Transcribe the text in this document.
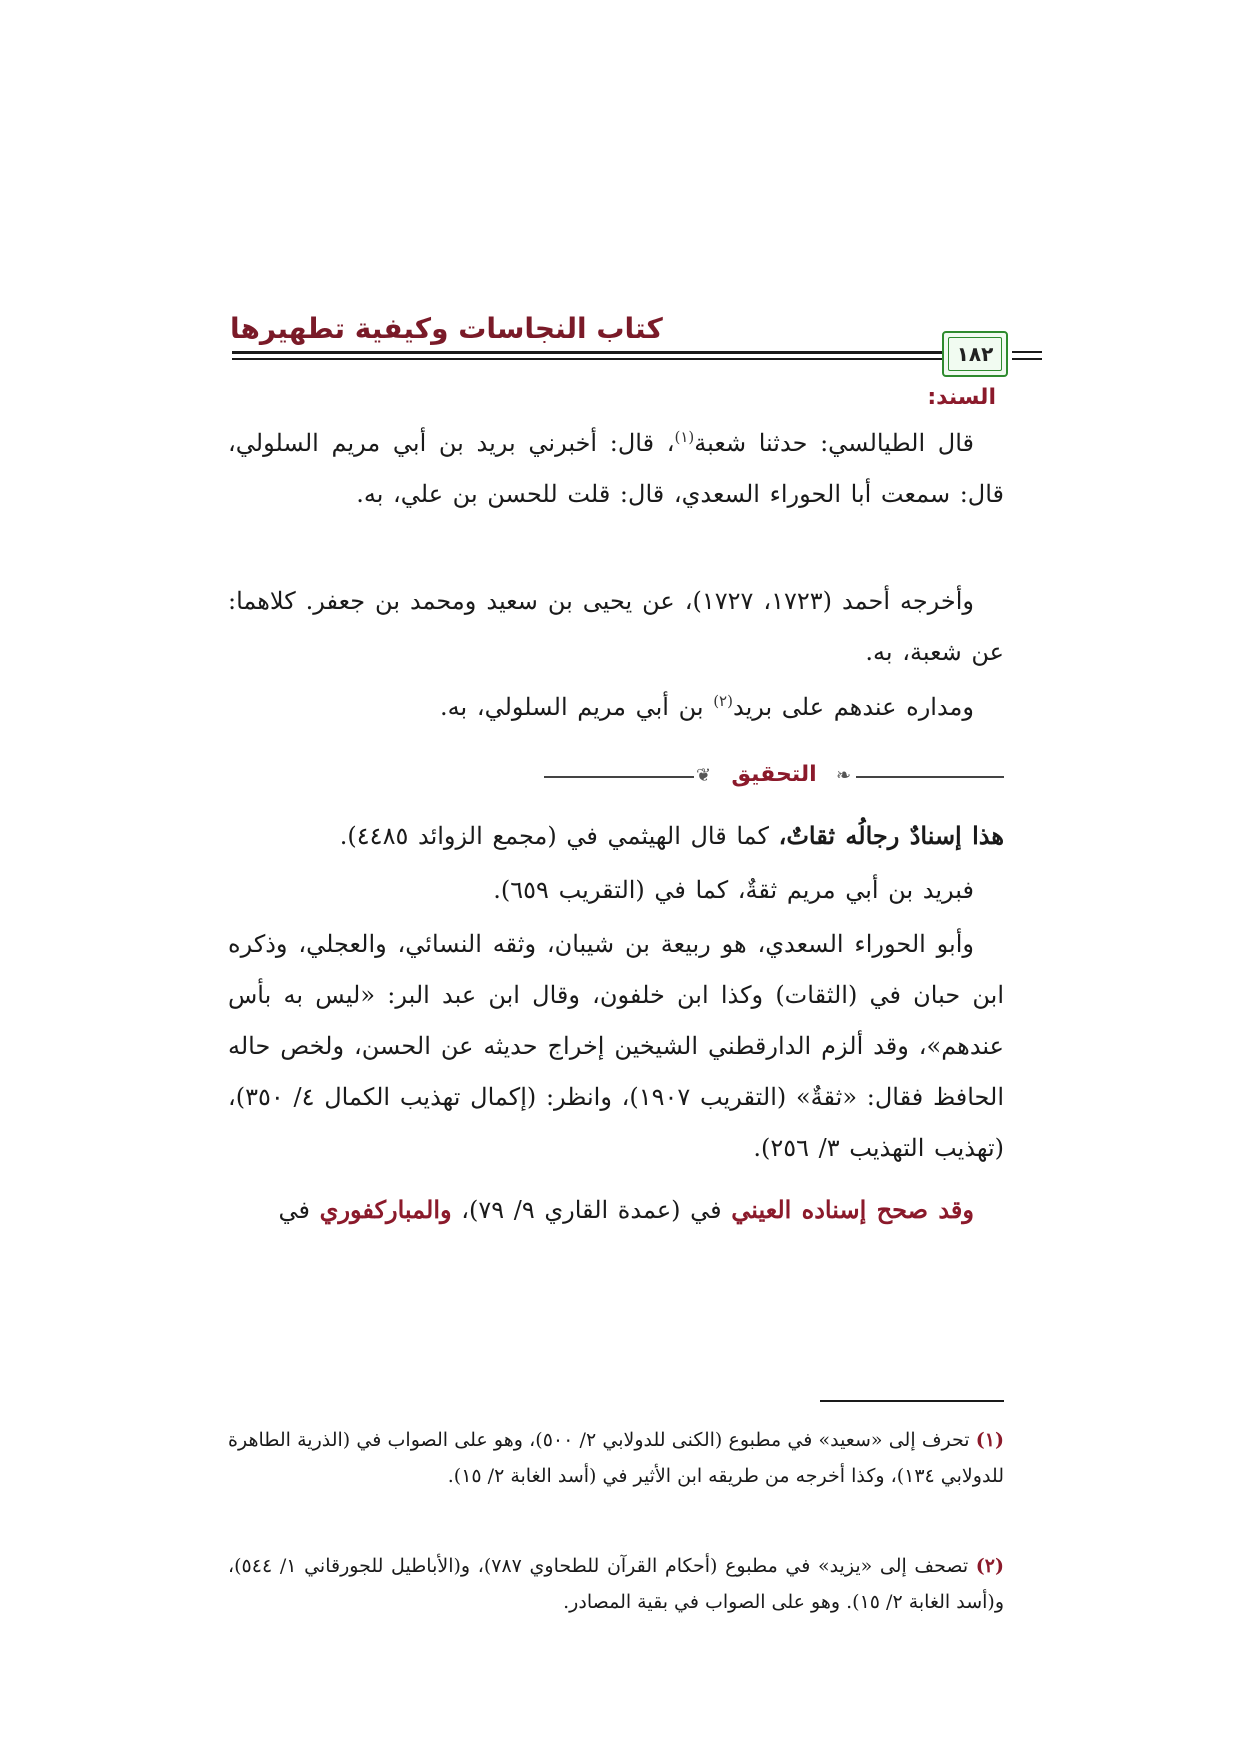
كتاب النجاسات وكيفية تطهيرها
١٨٢
السند:
قال الطيالسي: حدثنا شعبة$^{(١)}$، قال: أخبرني بريد بن أبي مريم السلولي، قال: سمعت أبا الحوراء السعدي، قال: قلت للحسن بن علي، به.
وأخرجه أحمد (١٧٢٣، ١٧٢٧)، عن يحيى بن سعيد ومحمد بن جعفر. كلاهما: عن شعبة، به.
ومداره عندهم على بريد$^{(٢)}$ بن أبي مريم السلولي، به.
❦ التحقيق	❧
هذا إسنادٌ رجالُه ثقاتٌ، كما قال الهيثمي في (مجمع الزوائد ٤٤٨٥).
فبريد بن أبي مريم ثقةٌ، كما في (التقريب ٦٥٩).
وأبو الحوراء السعدي، هو ربيعة بن شيبان، وثقه النسائي، والعجلي، وذكره ابن حبان في (الثقات) وكذا ابن خلفون، وقال ابن عبد البر: «ليس به بأس عندهم»، وقد ألزم الدارقطني الشيخين إخراج حديثه عن الحسن، ولخص حاله الحافظ فقال: «ثقةٌ» (التقريب ١٩٠٧)، وانظر: (إكمال تهذيب الكمال ٤/ ٣٥٠)، (تهذيب التهذيب ٣/ ٢٥٦).
وقد صحح إسناده العيني في (عمدة القاري ٩/ ٧٩)، والمباركفوري في
(١) تحرف إلى «سعيد» في مطبوع (الكنى للدولابي ٢/ ٥٠٠)، وهو على الصواب في (الذرية الطاهرة للدولابي ١٣٤)، وكذا أخرجه من طريقه ابن الأثير في (أسد الغابة ٢/ ١٥).
(٢) تصحف إلى «يزيد» في مطبوع (أحكام القرآن للطحاوي ٧٨٧)، و(الأباطيل للجورقاني ١/ ٥٤٤)، و(أسد الغابة ٢/ ١٥). وهو على الصواب في بقية المصادر.
